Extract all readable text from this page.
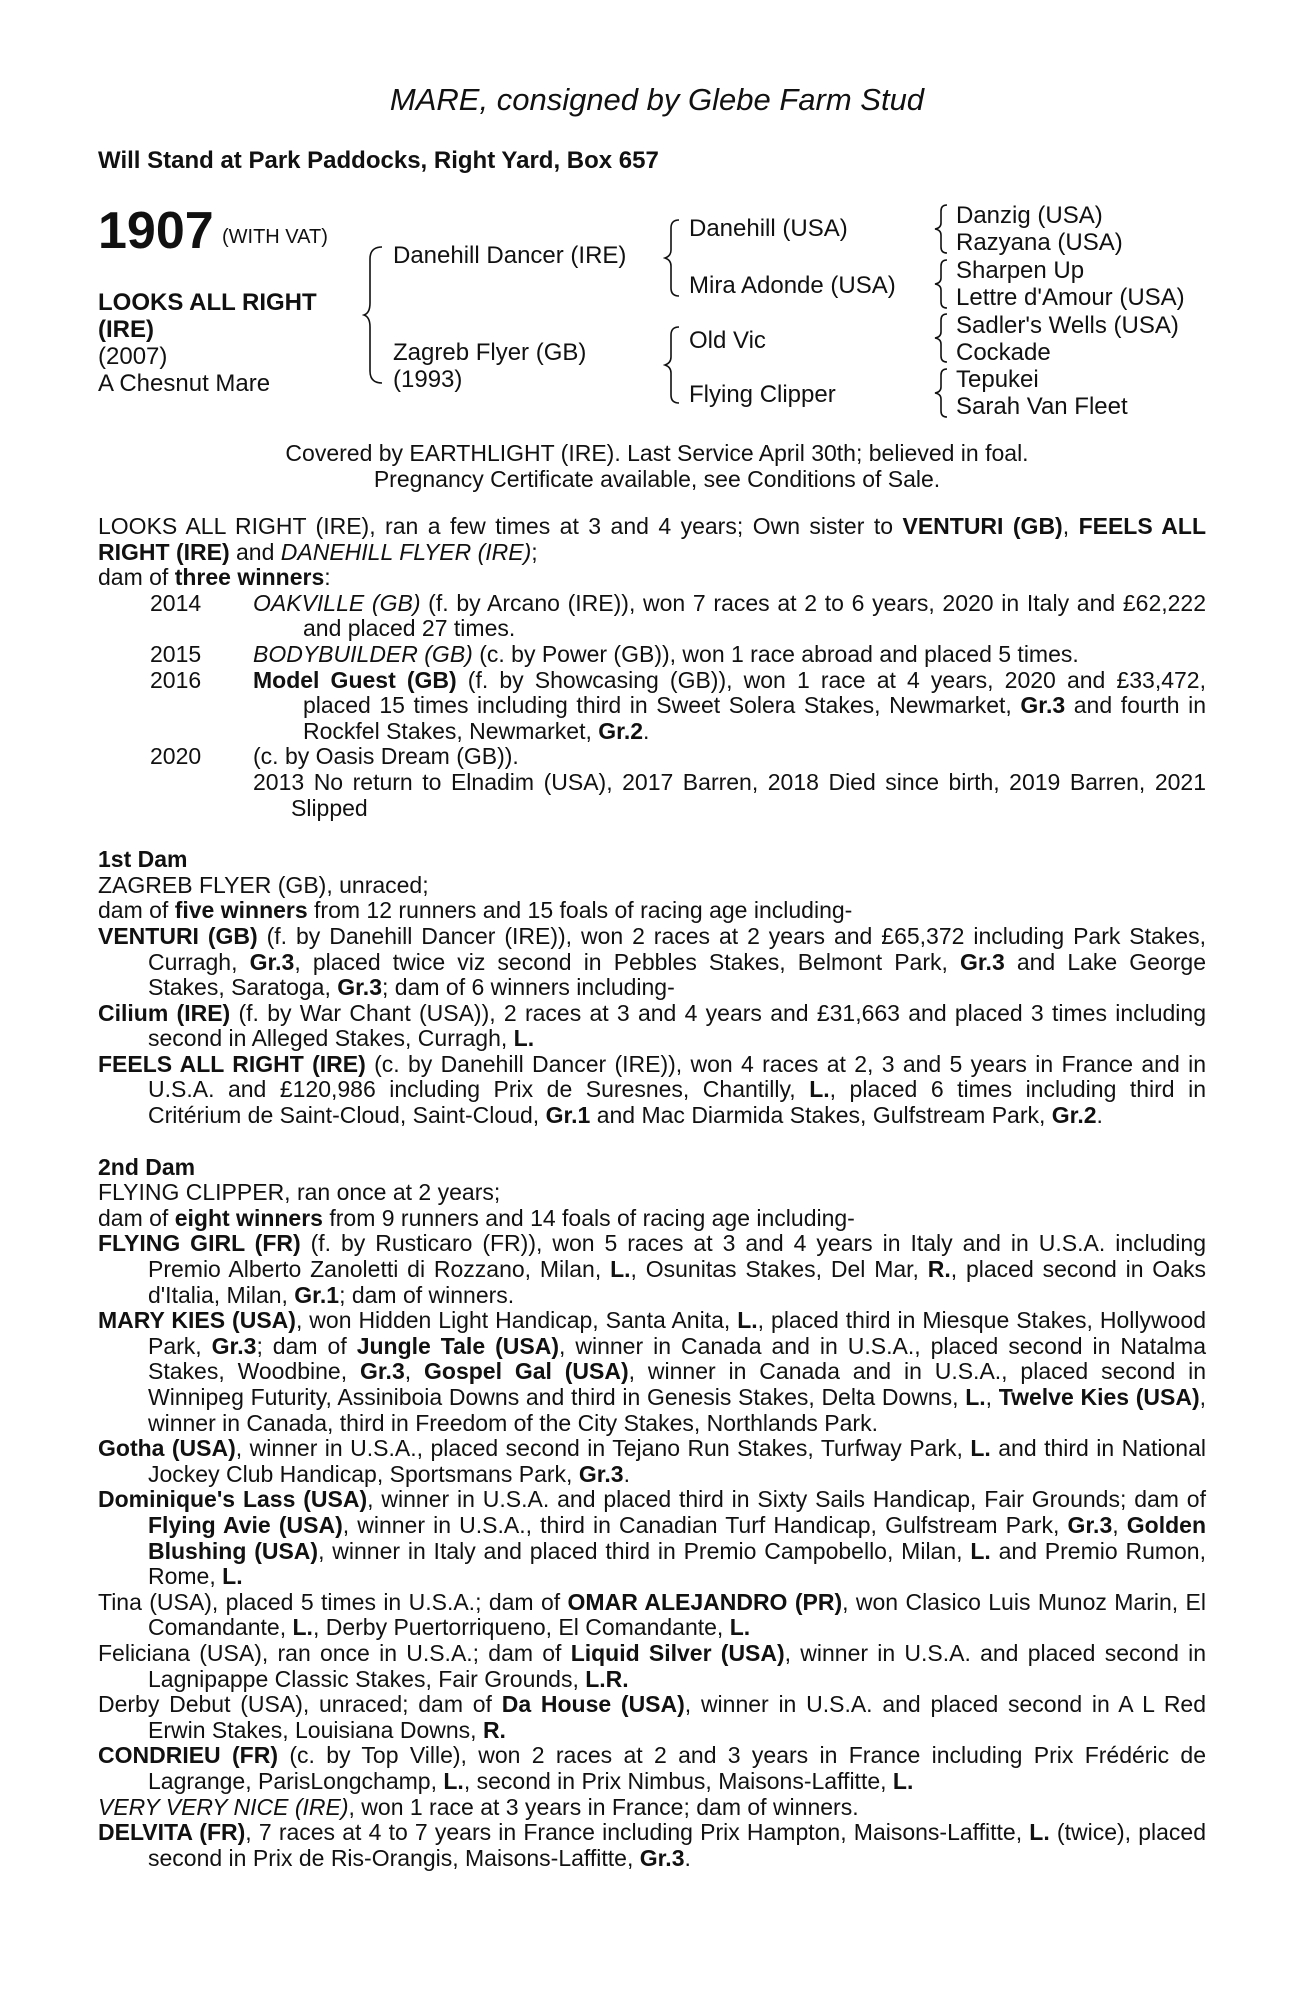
MARE, consigned by Glebe Farm Stud
Will Stand at Park Paddocks, Right Yard, Box 657
1907 (WITH VAT)
LOOKS ALL RIGHT (IRE)
(2007)
A Chesnut Mare
Danehill Dancer (IRE)
Zagreb Flyer (GB)
(1993)
Danehill (USA)
Mira Adonde (USA)
Old Vic
Flying Clipper
Danzig (USA)
Razyana (USA)
Sharpen Up
Lettre d'Amour (USA)
Sadler's Wells (USA)
Cockade
Tepukei
Sarah Van Fleet
Covered by EARTHLIGHT (IRE). Last Service April 30th; believed in foal.
Pregnancy Certificate available, see Conditions of Sale.

LOOKS ALL RIGHT (IRE), ran a few times at 3 and 4 years; Own sister to VENTURI (GB), FEELS ALL RIGHT (IRE) and DANEHILL FLYER (IRE);

dam of three winners:

2014	OAKVILLE (GB) (f. by Arcano (IRE)), won 7 races at 2 to 6 years, 2020 in Italy and £62,222 and placed 27 times.
2015	BODYBUILDER (GB) (c. by Power (GB)), won 1 race abroad and placed 5 times.
2016	Model Guest (GB) (f. by Showcasing (GB)), won 1 race at 4 years, 2020 and £33,472, placed 15 times including third in Sweet Solera Stakes, Newmarket, Gr.3 and fourth in Rockfel Stakes, Newmarket, Gr.2.
2020	(c. by Oasis Dream (GB)).

2013 No return to Elnadim (USA), 2017 Barren, 2018 Died since birth, 2019 Barren, 2021 Slipped

1st Dam

ZAGREB FLYER (GB), unraced;

dam of five winners from 12 runners and 15 foals of racing age including-

VENTURI (GB) (f. by Danehill Dancer (IRE)), won 2 races at 2 years and £65,372 including Park Stakes, Curragh, Gr.3, placed twice viz second in Pebbles Stakes, Belmont Park, Gr.3 and Lake George Stakes, Saratoga, Gr.3; dam of 6 winners including-

Cilium (IRE) (f. by War Chant (USA)), 2 races at 3 and 4 years and £31,663 and placed 3 times including second in Alleged Stakes, Curragh, L.

FEELS ALL RIGHT (IRE) (c. by Danehill Dancer (IRE)), won 4 races at 2, 3 and 5 years in France and in U.S.A. and £120,986 including Prix de Suresnes, Chantilly, L., placed 6 times including third in Critérium de Saint-Cloud, Saint-Cloud, Gr.1 and Mac Diarmida Stakes, Gulfstream Park, Gr.2.

2nd Dam

FLYING CLIPPER, ran once at 2 years;

dam of eight winners from 9 runners and 14 foals of racing age including-

FLYING GIRL (FR) (f. by Rusticaro (FR)), won 5 races at 3 and 4 years in Italy and in U.S.A. including Premio Alberto Zanoletti di Rozzano, Milan, L., Osunitas Stakes, Del Mar, R., placed second in Oaks d'Italia, Milan, Gr.1; dam of winners.

MARY KIES (USA), won Hidden Light Handicap, Santa Anita, L., placed third in Miesque Stakes, Hollywood Park, Gr.3; dam of Jungle Tale (USA), winner in Canada and in U.S.A., placed second in Natalma Stakes, Woodbine, Gr.3, Gospel Gal (USA), winner in Canada and in U.S.A., placed second in Winnipeg Futurity, Assiniboia Downs and third in Genesis Stakes, Delta Downs, L., Twelve Kies (USA), winner in Canada, third in Freedom of the City Stakes, Northlands Park.

Gotha (USA), winner in U.S.A., placed second in Tejano Run Stakes, Turfway Park, L. and third in National Jockey Club Handicap, Sportsmans Park, Gr.3.

Dominique's Lass (USA), winner in U.S.A. and placed third in Sixty Sails Handicap, Fair Grounds; dam of Flying Avie (USA), winner in U.S.A., third in Canadian Turf Handicap, Gulfstream Park, Gr.3, Golden Blushing (USA), winner in Italy and placed third in Premio Campobello, Milan, L. and Premio Rumon, Rome, L.

Tina (USA), placed 5 times in U.S.A.; dam of OMAR ALEJANDRO (PR), won Clasico Luis Munoz Marin, El Comandante, L., Derby Puertorriqueno, El Comandante, L.

Feliciana (USA), ran once in U.S.A.; dam of Liquid Silver (USA), winner in U.S.A. and placed second in Lagnipappe Classic Stakes, Fair Grounds, L.R.

Derby Debut (USA), unraced; dam of Da House (USA), winner in U.S.A. and placed second in A L Red Erwin Stakes, Louisiana Downs, R.

CONDRIEU (FR) (c. by Top Ville), won 2 races at 2 and 3 years in France including Prix Frédéric de Lagrange, ParisLongchamp, L., second in Prix Nimbus, Maisons-Laffitte, L.

VERY VERY NICE (IRE), won 1 race at 3 years in France; dam of winners.

DELVITA (FR), 7 races at 4 to 7 years in France including Prix Hampton, Maisons-Laffitte, L. (twice), placed second in Prix de Ris-Orangis, Maisons-Laffitte, Gr.3.
